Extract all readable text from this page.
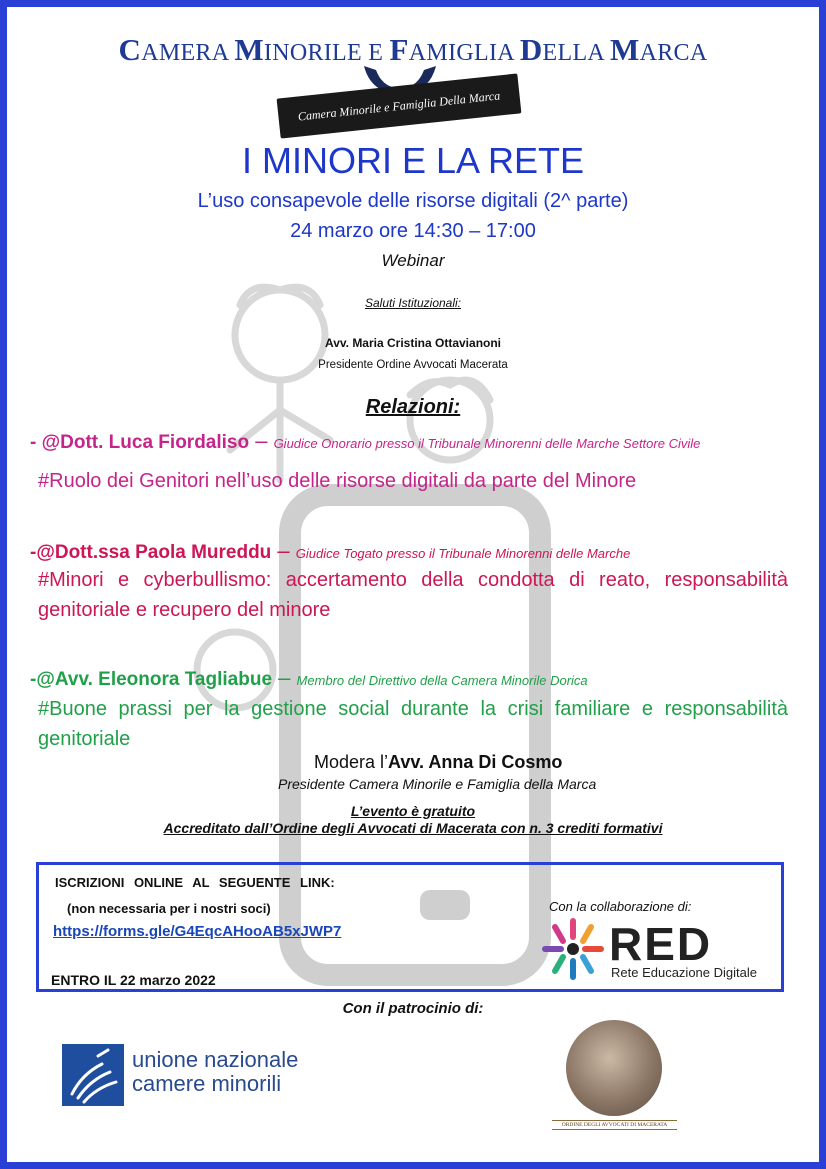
CAMERA MINORILE E FAMIGLIA DELLA MARCA
Camera Minorile e Famiglia Della Marca
I MINORI E LA RETE
L’uso consapevole delle risorse digitali (2^ parte)
24 marzo ore 14:30 – 17:00
Webinar
Saluti Istituzionali:
Avv. Maria Cristina Ottavianoni
Presidente Ordine Avvocati Macerata
Relazioni:
- @Dott. Luca Fiordaliso – Giudice Onorario presso il Tribunale Minorenni delle Marche Settore Civile
#Ruolo dei Genitori nell’uso delle risorse digitali da parte del Minore
-@Dott.ssa Paola Mureddu – Giudice Togato presso il Tribunale Minorenni delle Marche
#Minori e cyberbullismo: accertamento della condotta di reato, responsabilità genitoriale e recupero del minore
-@Avv. Eleonora Tagliabue – Membro del Direttivo della Camera Minorile Dorica
#Buone prassi per la gestione social durante la crisi familiare e responsabilità genitoriale
Modera l’Avv. Anna Di Cosmo
Presidente Camera Minorile e Famiglia della Marca
L’evento è gratuito
Accreditato dall’Ordine degli Avvocati di Macerata con n. 3 crediti formativi
ISCRIZIONI ONLINE AL SEGUENTE LINK:
(non necessaria per i nostri soci)
https://forms.gle/G4EqcAHooAB5xJWP7
ENTRO IL 22 marzo 2022
Con la collaborazione di:
RED
Rete Educazione Digitale
Con il patrocinio di:
unione nazionale
camere minorili
ORDINE DEGLI AVVOCATI DI MACERATA
